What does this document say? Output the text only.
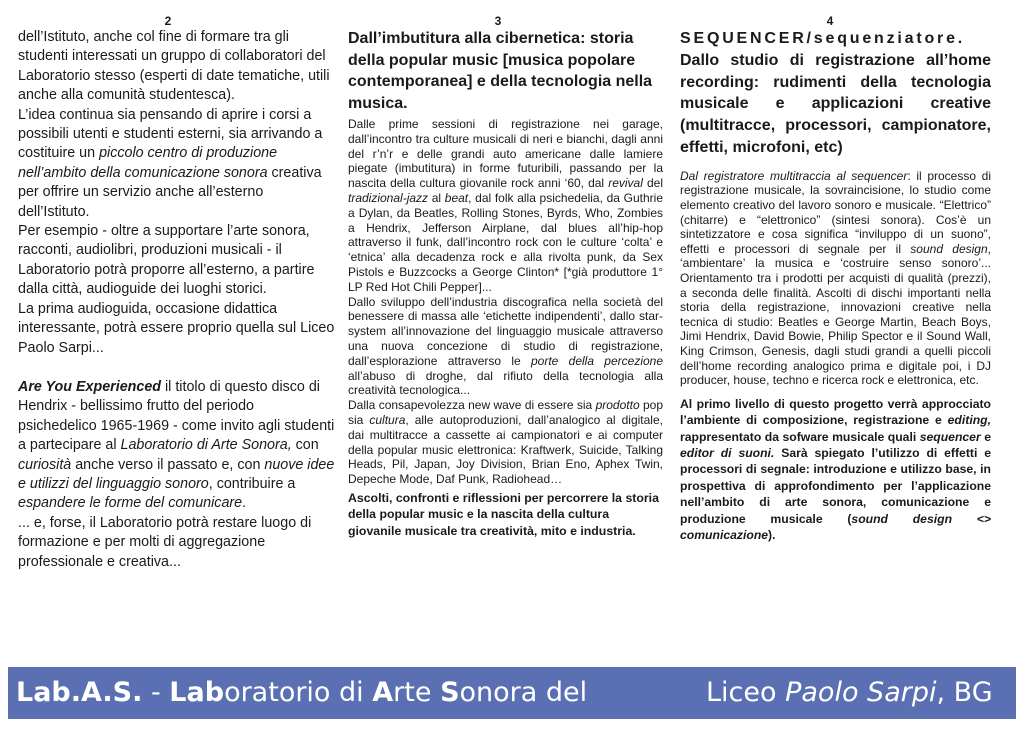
2

dell’Istituto, anche col fine di formare tra gli studenti interessati un gruppo di collaboratori del Laboratorio stesso (esperti di date tematiche, utili anche alla comunità studentesca).

L’idea continua sia pensando di aprire i corsi a possibili utenti e studenti esterni, sia arrivando a costituire un piccolo centro di produzione nell’ambito della comunicazione sonora creativa per offrire un servizio anche all’esterno dell’Istituto.

Per esempio - oltre a supportare l’arte sonora, racconti, audiolibri, produzioni musicali - il Laboratorio potrà proporre all’esterno, a partire dalla città, audioguide dei luoghi storici.

La prima audioguida, occasione didattica interessante, potrà essere proprio quella sul Liceo Paolo Sarpi...

Are You Experienced il titolo di questo disco di Hendrix - bellissimo frutto del periodo psichedelico 1965-1969 - come invito agli studenti a partecipare al Laboratorio di Arte Sonora, con curiosità anche verso il passato e, con nuove idee e utilizzi del linguaggio sonoro, contribuire a espandere le forme del comunicare.

... e, forse, il Laboratorio potrà restare luogo di formazione e per molti di aggregazione professionale e creativa...

3
Dall’imbutitura alla cibernetica: storia della popular music [musica popolare contemporanea] e della tecnologia nella musica.

Dalle prime sessioni di registrazione nei garage, dall’incontro tra culture musicali di neri e bianchi, dagli anni del r’n’r e delle grandi auto americane dalle lamiere piegate (imbutitura) in forme futuribili, passando per la nascita della cultura giovanile rock anni ‘60, dal revival del tradizional-jazz al beat, dal folk alla psichedelia, da Guthrie a Dylan, da Beatles, Rolling Stones, Byrds, Who, Zombies a Hendrix, Jefferson Airplane, dal blues all’hip-hop attraverso il funk, dall’incontro rock con le culture ‘colta’ e ‘etnica’ alla decadenza rock e alla rivolta punk, da Sex Pistols e Buzzcocks a George Clinton* [*già produttore 1° LP Red Hot Chili Pepper]...

Dallo sviluppo dell’industria discografica nella società del benessere di massa alle ‘etichette indipendenti’, dallo star-system all’innovazione del linguaggio musicale attraverso una nuova concezione di studio di registrazione, dall’esplorazione attraverso le porte della percezione all’abuso di droghe, dal rifiuto della tecnologia alla creatività tecnologica...

Dalla consapevolezza new wave di essere sia prodotto pop sia cultura, alle autoproduzioni, dall’analogico al digitale, dai multitracce a cassette ai campionatori e ai computer della popular music elettronica: Kraftwerk, Suicide, Talking Heads, Pil, Japan, Joy Division, Brian Eno, Aphex Twin, Depeche Mode, Daf Punk, Radiohead…

Ascolti, confronti e riflessioni per percorrere la storia della popular music e la nascita della cultura giovanile musicale tra creatività, mito e industria.

4
SEQUENCER/sequenziatore. Dallo studio di registrazione all’home recording: rudimenti della tecnologia musicale e applicazioni creative (multitracce, processori, campionatore, effetti, microfoni, etc)

Dal registratore multitraccia al sequencer: il processo di registrazione musicale, la sovraincisione, lo studio come elemento creativo del lavoro sonoro e musicale. “Elettrico” (chitarre) e “elettronico” (sintesi sonora). Cos’è un sintetizzatore e cosa significa “inviluppo di un suono”, effetti e processori di segnale per il sound design, ‘ambientare’ la musica e ‘costruire senso sonoro’... Orientamento tra i prodotti per acquisti di qualità (prezzi), a seconda delle finalità. Ascolti di dischi importanti nella storia della registrazione, innovazioni creative nella tecnica di studio: Beatles e George Martin, Beach Boys, Jimi Hendrix, David Bowie, Philip Spector e il Sound Wall, King Crimson, Genesis, dagli studi grandi a quelli piccoli dell’home recording analogico prima e digitale poi, i DJ producer, house, techno e ricerca rock e elettronica, etc.

Al primo livello di questo progetto verrà approcciato l’ambiente di composizione, registrazione e editing, rappresentato da sofware musicale quali sequencer e editor di suoni. Sarà spiegato l’utilizzo di effetti e processori di segnale: introduzione e utilizzo base, in prospettiva di approfondimento per l’applicazione nell’ambito di arte sonora, comunicazione e produzione musicale (sound design <> comunicazione).

Lab.A.S. - Laboratorio di Arte Sonora del	Liceo Paolo Sarpi, BG
